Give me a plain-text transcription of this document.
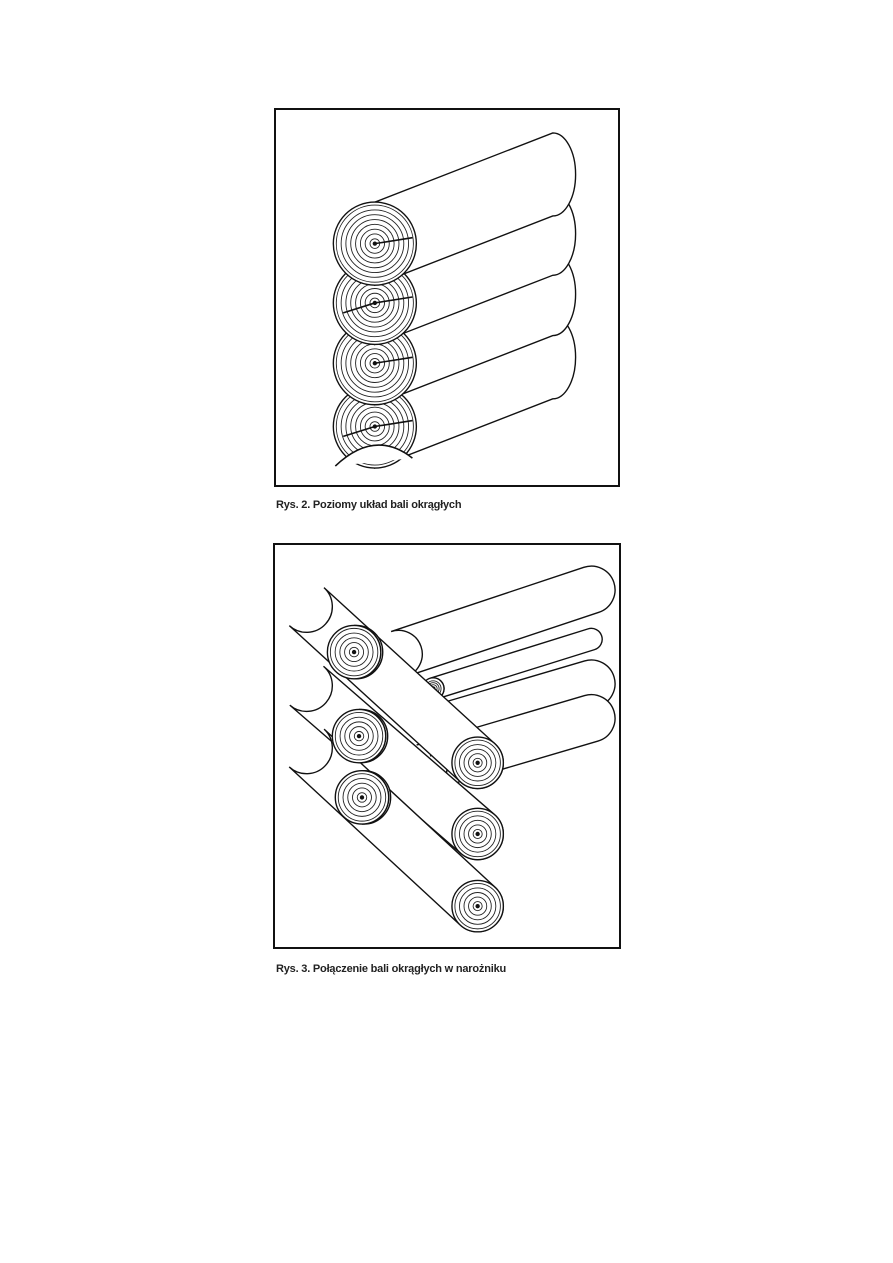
Rys. 2. Poziomy układ bali okrągłych
Rys. 3. Połączenie bali okrągłych w narożniku
